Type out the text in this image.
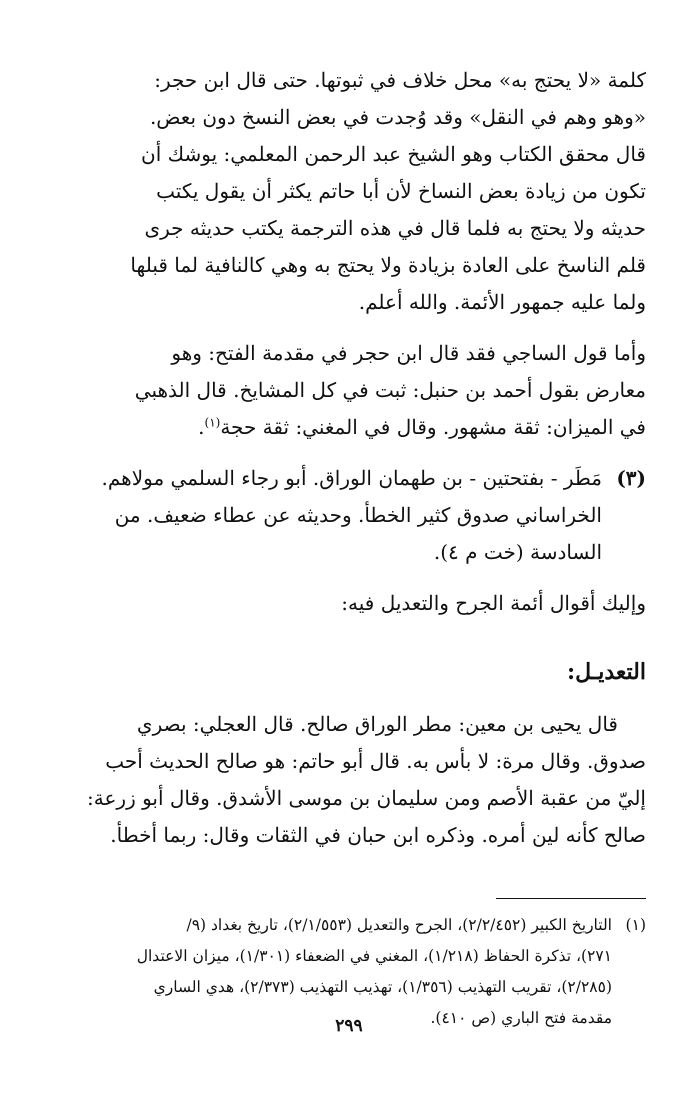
كلمة «لا يحتج به» محل خلاف في ثبوتها. حتى قال ابن حجر:
«وهو وهم في النقل» وقد وُجدت في بعض النسخ دون بعض.
قال محقق الكتاب وهو الشيخ عبد الرحمن المعلمي: يوشك أن
تكون من زيادة بعض النساخ لأن أبا حاتم يكثر أن يقول يكتب
حديثه ولا يحتج به فلما قال في هذه الترجمة يكتب حديثه جرى
قلم الناسخ على العادة بزيادة ولا يحتج به وهي كالنافية لما قبلها
ولما عليه جمهور الأئمة. والله أعلم.

وأما قول الساجي فقد قال ابن حجر في مقدمة الفتح: وهو
معارض بقول أحمد بن حنبل: ثبت في كل المشايخ. قال الذهبي
في الميزان: ثقة مشهور. وقال في المغني: ثقة حجة$^{(١)}$.

(٣)

مَطَر - بفتحتين - بن طهمان الوراق. أبو رجاء السلمي مولاهم.
الخراساني صدوق كثير الخطأ. وحديثه عن عطاء ضعيف. من
السادسة (خت م ٤).

وإليك أقوال أئمة الجرح والتعديل فيه:

التعديـل:

قال يحيى بن معين: مطر الوراق صالح. قال العجلي: بصري
صدوق. وقال مرة: لا بأس به. قال أبو حاتم: هو صالح الحديث أحب
إليّ من عقبة الأصم ومن سليمان بن موسى الأشدق. وقال أبو زرعة:
صالح كأنه لين أمره. وذكره ابن حبان في الثقات وقال: ربما أخطأ.

(١)
التاريخ الكبير (٢/٢/٤٥٢)، الجرح والتعديل (٢/١/٥٥٣)، تاريخ بغداد (٩/
٢٧١)، تذكرة الحفاظ (١/٢١٨)، المغني في الضعفاء (١/٣٠١)، ميزان الاعتدال
(٢/٢٨٥)، تقريب التهذيب (١/٣٥٦)، تهذيب التهذيب (٢/٣٧٣)، هدي الساري
مقدمة فتح الباري (ص ٤١٠).
٢٩٩
